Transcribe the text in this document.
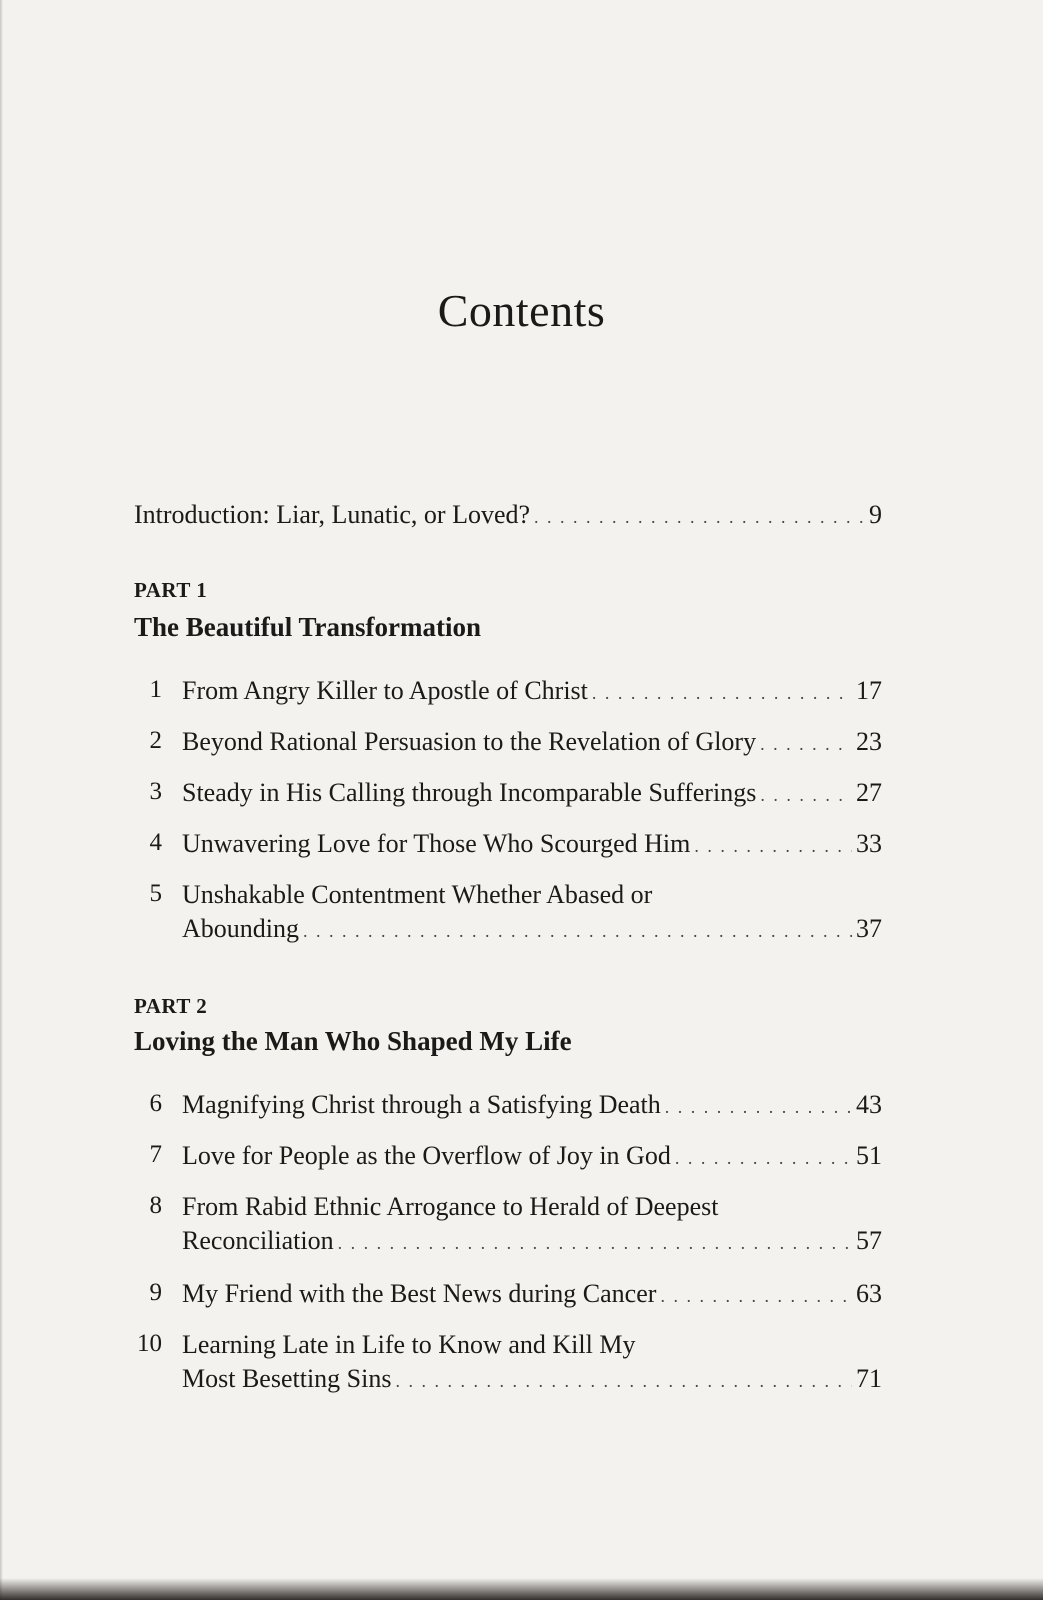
Contents
Introduction: Liar, Lunatic, or Loved? . . .	9
PART 1
The Beautiful Transformation
1 From Angry Killer to Apostle of Christ . . .	17
2 Beyond Rational Persuasion to the Revelation of Glory . . .	23
3 Steady in His Calling through Incomparable Sufferings . . .	27
4 Unwavering Love for Those Who Scourged Him . . .	33
5 Unshakable Contentment Whether Abased or
Abounding . . .	37
PART 2
Loving the Man Who Shaped My Life
6 Magnifying Christ through a Satisfying Death . . .	43
7 Love for People as the Overflow of Joy in God . . .	51
8 From Rabid Ethnic Arrogance to Herald of Deepest
Reconciliation . . .	57
9 My Friend with the Best News during Cancer . . .	63
10 Learning Late in Life to Know and Kill My
Most Besetting Sins . . .	71
